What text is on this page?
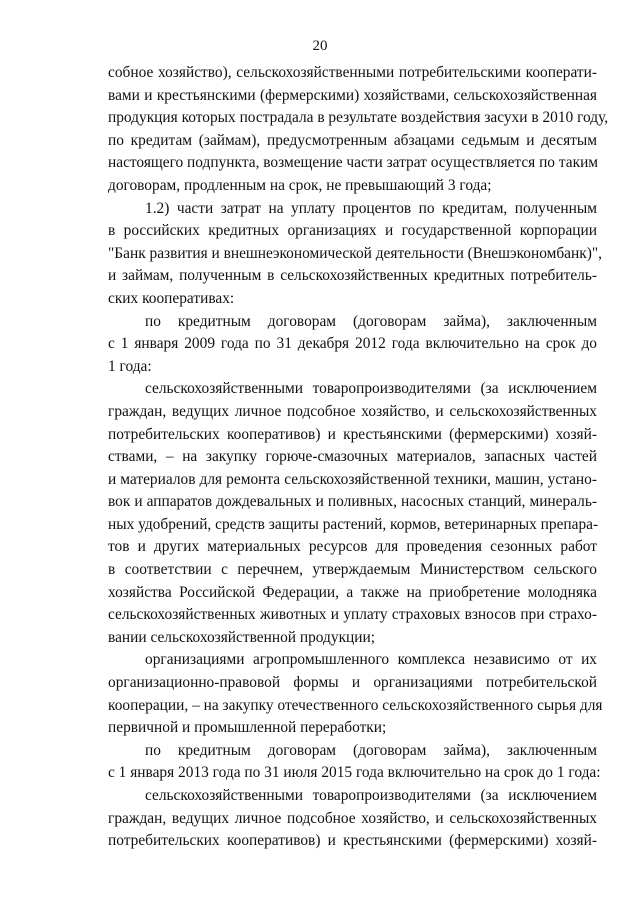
20
собное хозяйство), сельскохозяйственными потребительскими кооперати-
вами и крестьянскими (фермерскими) хозяйствами, сельскохозяйственная
продукция которых пострадала в результате воздействия засухи в 2010 году,
по кредитам (займам), предусмотренным абзацами седьмым и десятым
настоящего подпункта, возмещение части затрат осуществляется по таким
договорам, продленным на срок, не превышающий 3 года;
1.2) части затрат на уплату процентов по кредитам, полученным
в российских кредитных организациях и государственной корпорации
"Банк развития и внешнеэкономической деятельности (Внешэкономбанк)",
и займам, полученным в сельскохозяйственных кредитных потребитель-
ских кооперативах:
по кредитным договорам (договорам займа), заключенным
с 1 января 2009 года по 31 декабря 2012 года включительно на срок до
1 года:
сельскохозяйственными товаропроизводителями (за исключением
граждан, ведущих личное подсобное хозяйство, и сельскохозяйственных
потребительских кооперативов) и крестьянскими (фермерскими) хозяй-
ствами, – на закупку горюче-смазочных материалов, запасных частей
и материалов для ремонта сельскохозяйственной техники, машин, устано-
вок и аппаратов дождевальных и поливных, насосных станций, минераль-
ных удобрений, средств защиты растений, кормов, ветеринарных препара-
тов и других материальных ресурсов для проведения сезонных работ
в соответствии с перечнем, утверждаемым Министерством сельского
хозяйства Российской Федерации, а также на приобретение молодняка
сельскохозяйственных животных и уплату страховых взносов при страхо-
вании сельскохозяйственной продукции;
организациями агропромышленного комплекса независимо от их
организационно-правовой формы и организациями потребительской
кооперации, – на закупку отечественного сельскохозяйственного сырья для
первичной и промышленной переработки;
по кредитным договорам (договорам займа), заключенным
с 1 января 2013 года по 31 июля 2015 года включительно на срок до 1 года:
сельскохозяйственными товаропроизводителями (за исключением
граждан, ведущих личное подсобное хозяйство, и сельскохозяйственных
потребительских кооперативов) и крестьянскими (фермерскими) хозяй-
